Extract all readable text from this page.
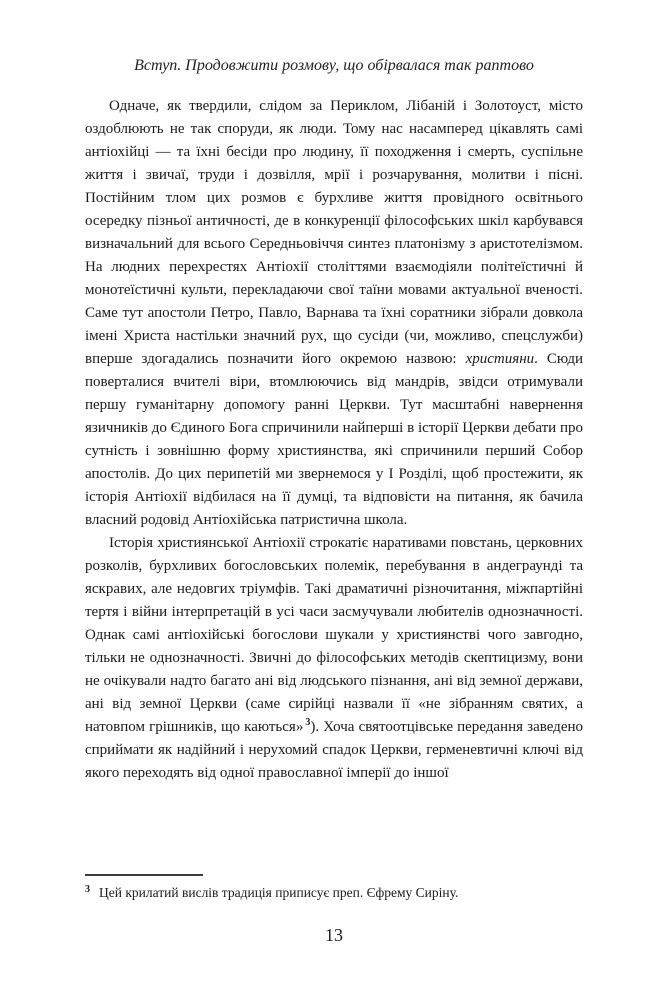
Вступ. Продовжити розмову, що обірвалася так раптово

Одначе, як твердили, слідом за Периклом, Лібаній і Золотоуст, місто оздоблюють не так споруди, як люди. Тому нас насамперед цікавлять самі антіохійці — та їхні бесіди про людину, її походження і смерть, суспільне життя і звичаї, труди і дозвілля, мрії і розчарування, молитви і пісні. Постійним тлом цих розмов є бурхливе життя провідного освітнього осередку пізньої античності, де в конкуренції філософських шкіл карбувався визначальний для всього Середньовіччя синтез платонізму з аристотелізмом. На людних перехрестях Антіохії століттями взаємодіяли політеїстичні й монотеїстичні культи, перекладаючи свої таїни мовами актуальної вченості. Саме тут апостоли Петро, Павло, Варнава та їхні соратники зібрали довкола імені Христа настільки значний рух, що сусіди (чи, можливо, спецслужби) вперше здогадались позначити його окремою назвою: християни. Сюди поверталися вчителі віри, втомлюючись від мандрів, звідси отримували першу гуманітарну допомогу ранні Церкви. Тут масштабні навернення язичників до Єдиного Бога спричинили найперші в історії Церкви дебати про сутність і зовнішню форму християнства, які спричинили перший Собор апостолів. До цих перипетій ми звернемося у І Розділі, щоб простежити, як історія Антіохії відбилася на її думці, та відповісти на питання, як бачила власний родовід Антіохійська патристична школа.

Історія християнської Антіохії строкатіє наративами повстань, церковних розколів, бурхливих богословських полемік, перебування в андеграунді та яскравих, але недовгих тріумфів. Такі драматичні різночитання, міжпартійні тертя і війни інтерпретацій в усі часи засмучували любителів однозначності. Однак самі антіохійські богослови шукали у християнстві чого завгодно, тільки не однозначності. Звичні до філософських методів скептицизму, вони не очікували надто багато ані від людського пізнання, ані від земної держави, ані від земної Церкви (саме сирійці назвали її «не зібранням святих, а натовпом грішників, що каються» $^3$). Хоча святоотцівське передання заведено сприймати як надійний і нерухомий спадок Церкви, герменевтичні ключі від якого переходять від одної православної імперії до іншої

$^3$ Цей крилатий вислів традиція приписує преп. Єфрему Сиріну.
13
